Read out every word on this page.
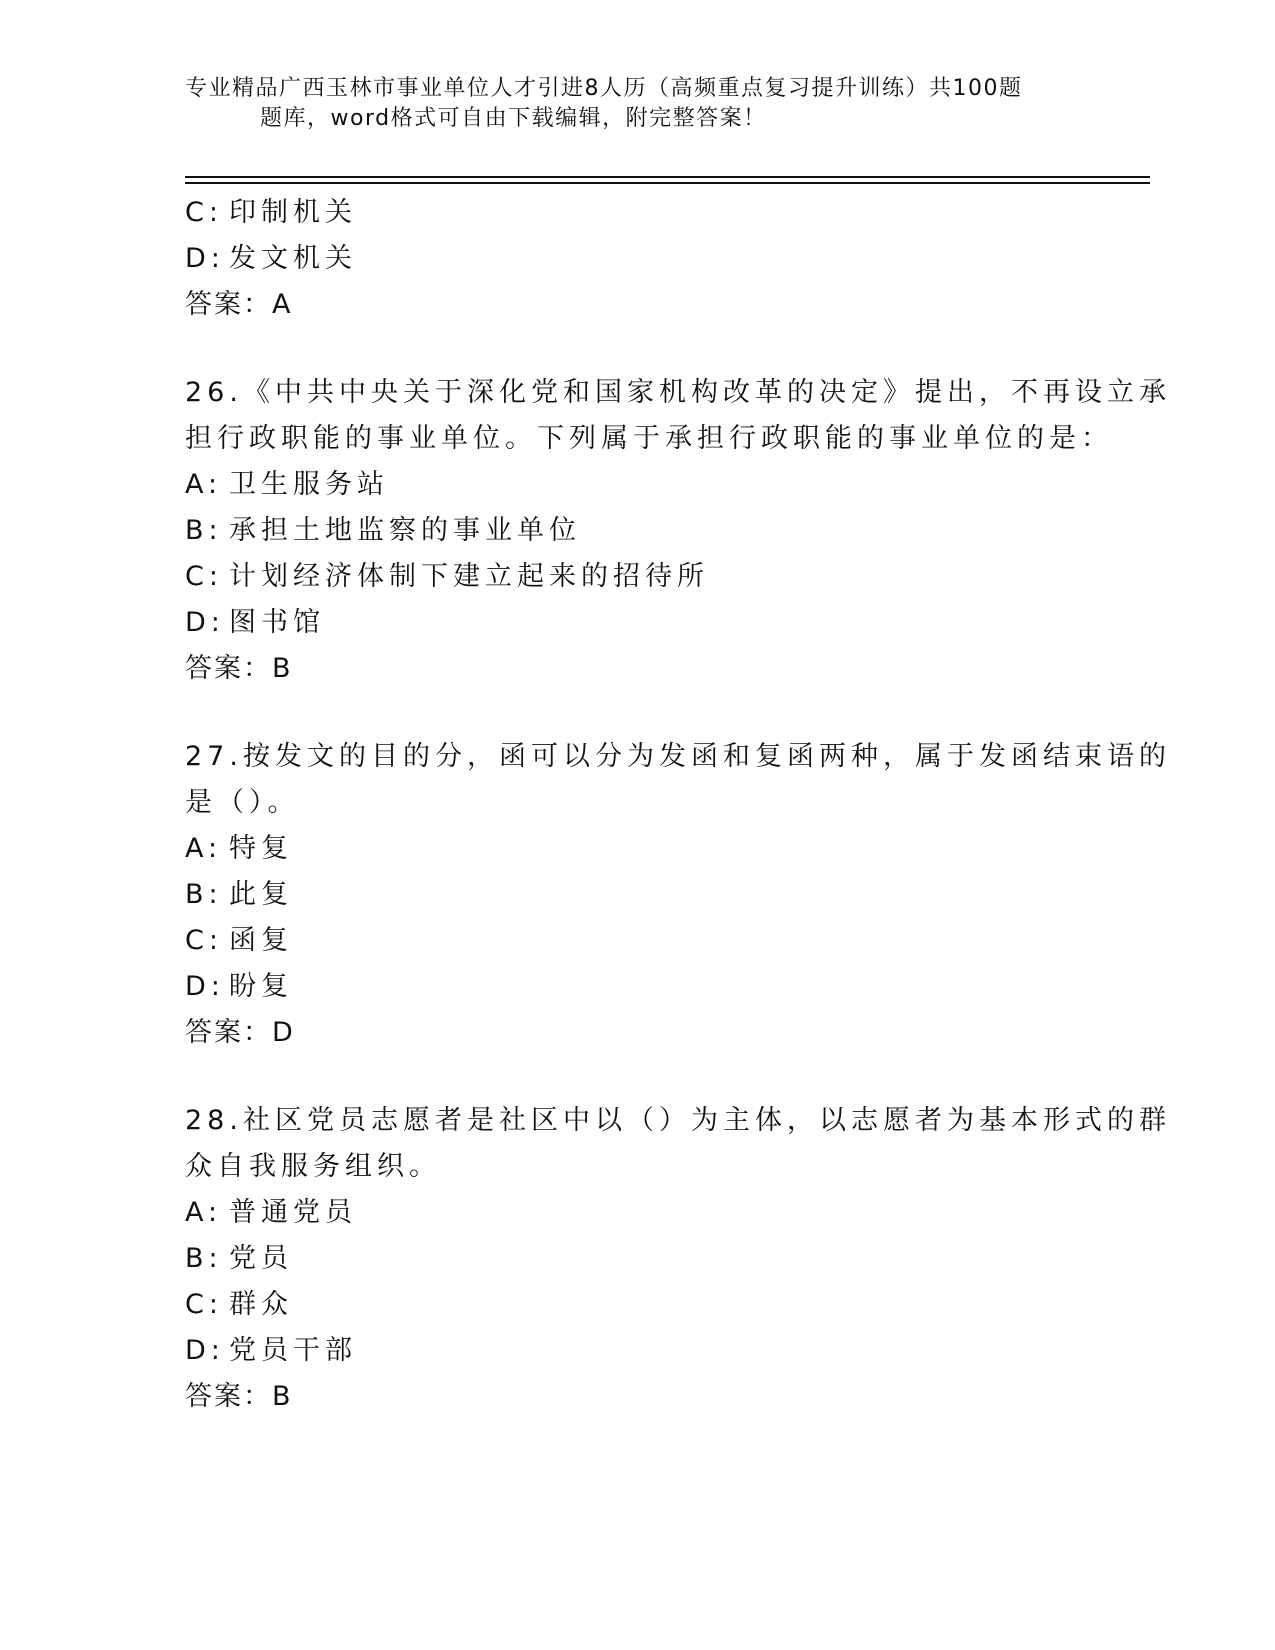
专业精品广西玉林市事业单位人才引进8人历（高频重点复习提升训练）共100题
题库，word格式可自由下载编辑，附完整答案！
C: 印制机关
D: 发文机关
答案：A
26.《中共中央关于深化党和国家机构改革的决定》提出，不再设立承
担行政职能的事业单位。下列属于承担行政职能的事业单位的是：
A: 卫生服务站
B: 承担土地监察的事业单位
C: 计划经济体制下建立起来的招待所
D: 图书馆
答案：B
27.按发文的目的分，函可以分为发函和复函两种，属于发函结束语的
是（）。
A: 特复
B: 此复
C: 函复
D: 盼复
答案：D
28.社区党员志愿者是社区中以（）为主体，以志愿者为基本形式的群
众自我服务组织。
A: 普通党员
B: 党员
C: 群众
D: 党员干部
答案：B
